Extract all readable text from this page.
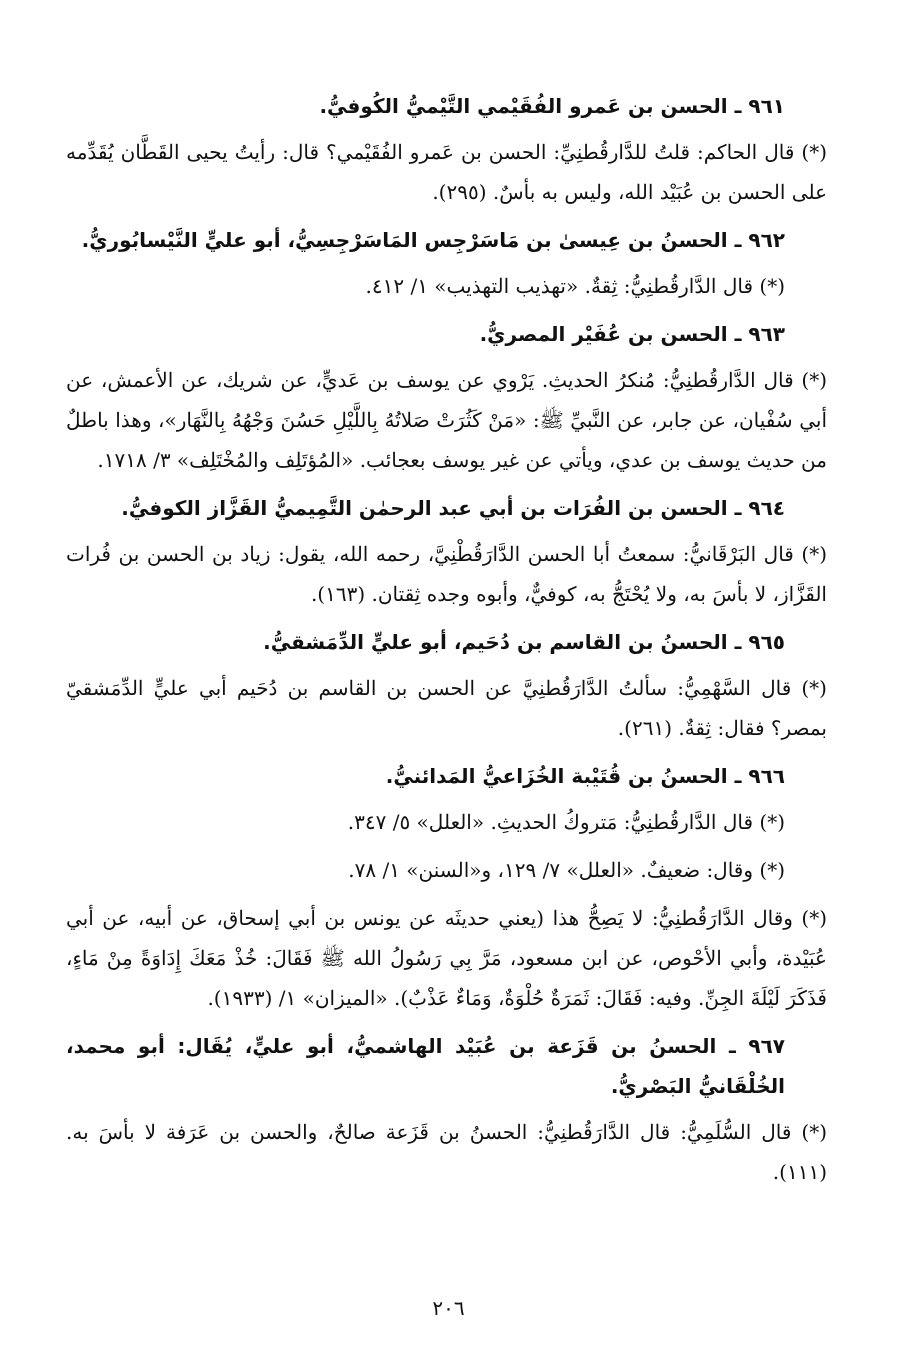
٩٦١ ـ الحسن بن عَمرو الفُقَيْمي التَّيْميُّ الكُوفيُّ.

(*) قال الحاكم: قلتُ للدَّارقُطنِيِّ: الحسن بن عَمرو الفُقَيْمي؟ قال: رأيتُ يحيى القَطَّان يُقَدِّمه على الحسن بن عُبَيْد الله، وليس به بأسٌ. (٢٩٥).

٩٦٢ ـ الحسنُ بن عِيسىٰ بن مَاسَرْجِس المَاسَرْجِسِيُّ، أبو عليٍّ النَّيْسابُوريُّ.

(*) قال الدَّارقُطنِيُّ: ثِقةٌ. «تهذيب التهذيب» ١/ ٤١٢.

٩٦٣ ـ الحسن بن عُفَيْر المصريُّ.

(*) قال الدَّارقُطنِيُّ: مُنكرُ الحديثِ. يَرْوي عن يوسف بن عَديٍّ، عن شريك، عن الأعمش، عن أبي سُفْيان، عن جابر، عن النَّبيِّ ﷺ: «مَنْ كَثُرَتْ صَلاتُهُ بِاللَّيْلِ حَسُنَ وَجْهُهُ بِالنَّهَار»، وهذا باطلٌ من حديث يوسف بن عدي، ويأتي عن غير يوسف بعجائب. «المُؤتَلِف والمُخْتَلِف» ٣/ ١٧١٨.

٩٦٤ ـ الحسن بن الفُرَات بن أبي عبد الرحمٰن التَّمِيميُّ القَزَّاز الكوفيُّ.

(*) قال البَرْقَانيُّ: سمعتُ أبا الحسن الدَّارَقُطْنِيَّ، رحمه الله، يقول: زياد بن الحسن بن فُرات القَزَّاز، لا بأسَ به، ولا يُحْتَجُّ به، كوفيٌّ، وأبوه وجده ثِقتان. (١٦٣).

٩٦٥ ـ الحسنُ بن القاسم بن دُحَيم، أبو عليٍّ الدِّمَشقيُّ.

(*) قال السَّهْمِيُّ: سألتُ الدَّارَقُطنِيَّ عن الحسن بن القاسم بن دُحَيم أبي عليٍّ الدِّمَشقيّ بمصر؟ فقال: ثِقةٌ. (٢٦١).

٩٦٦ ـ الحسنُ بن قُتَيْبة الخُزَاعيُّ المَدائنيُّ.

(*) قال الدَّارقُطنِيُّ: مَتروكُ الحديثِ. «العلل» ٥/ ٣٤٧.

(*) وقال: ضعيفٌ. «العلل» ٧/ ١٢٩، و«السنن» ١/ ٧٨.

(*) وقال الدَّارَقُطنِيُّ: لا يَصِحُّ هذا (يعني حديثَه عن يونس بن أبي إسحاق، عن أبيه، عن أبي عُبَيْدة، وأبي الأحْوص، عن ابن مسعود، مَرَّ بِي رَسُولُ الله ﷺ فَقَالَ: خُذْ مَعَكَ إِدَاوَةً مِنْ مَاءٍ، فَذَكَرَ لَيْلَةَ الجِنِّ. وفيه: فَقَالَ: ثَمَرَةٌ حُلْوَةٌ، وَمَاءٌ عَذْبٌ). «الميزان» ١/ (١٩٣٣).

٩٦٧ ـ الحسنُ بن قَزَعة بن عُبَيْد الهاشميُّ، أبو عليٍّ، يُقَال: أبو محمد، الخُلْقَانيُّ البَصْريُّ.

(*) قال السُّلَمِيُّ: قال الدَّارَقُطنِيُّ: الحسنُ بن قَزَعة صالحٌ، والحسن بن عَرَفة لا بأسَ به. (١١١).

٢٠٦
